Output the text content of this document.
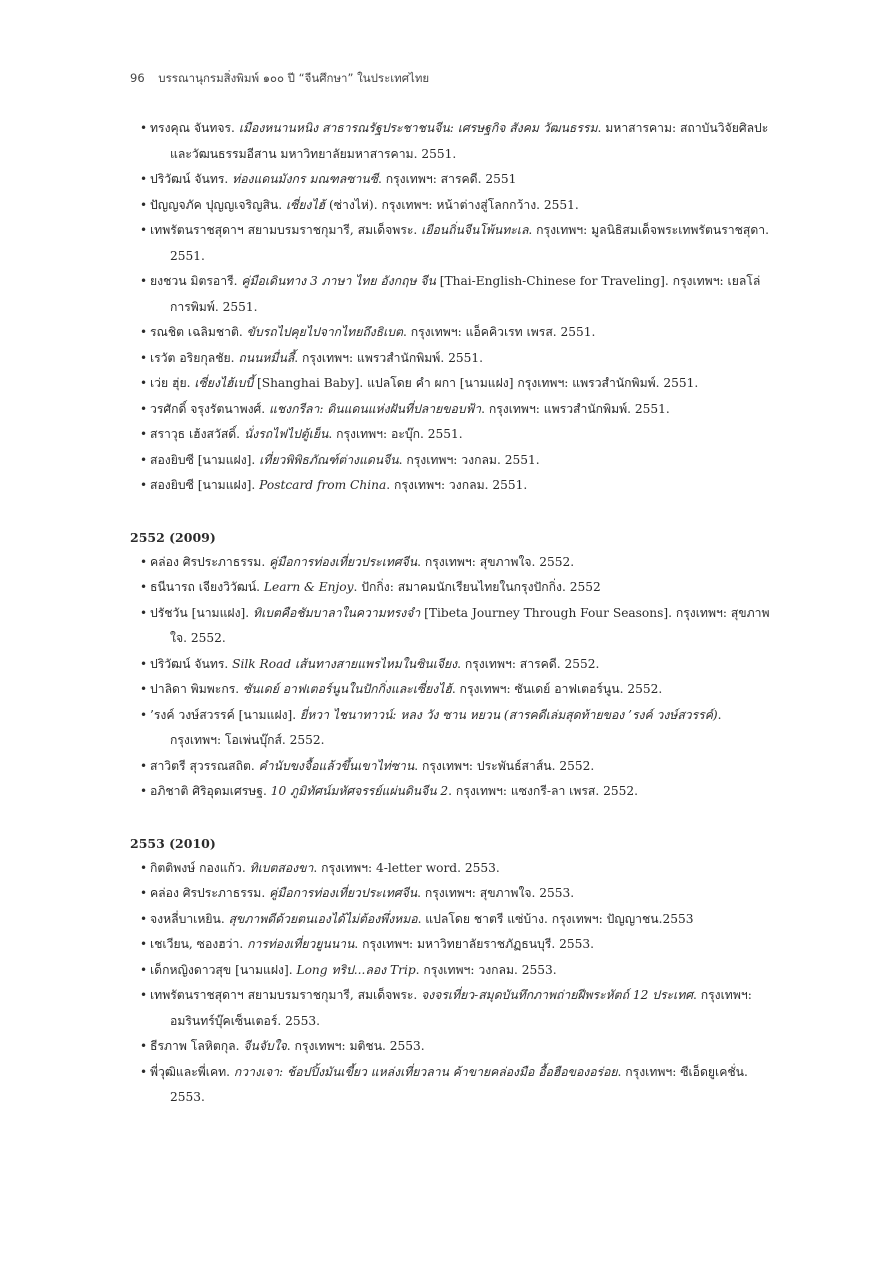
96 บรรณานุกรมสิ่งพิมพ์ ๑๐๐ ปี “จีนศึกษา” ในประเทศไทย
• ทรงคุณ จันทจร. เมืองหนานหนิง สาธารณรัฐประชาชนจีน: เศรษฐกิจ สังคม วัฒนธรรม. มหาสารคาม: สถาบันวิจัยศิลปะและวัฒนธรรมอีสาน มหาวิทยาลัยมหาสารคาม. 2551.
• ปริวัฒน์ จันทร. ท่องแดนมังกร มณฑลซานซี. กรุงเทพฯ: สารคดี. 2551
• ปัญญจภัค ปุญญเจริญสิน. เซี่ยงไฮ้ (ซ่างไห่). กรุงเทพฯ: หน้าต่างสู่โลกกว้าง. 2551.
• เทพรัตนราชสุดาฯ สยามบรมราชกุมารี, สมเด็จพระ. เยือนถิ่นจีนโพ้นทะเล. กรุงเทพฯ: มูลนิธิสมเด็จพระเทพรัตนราชสุดา. 2551.
• ยงชวน มิตรอารี. คู่มือเดินทาง 3 ภาษา ไทย อังกฤษ จีน [Thai-English-Chinese for Traveling]. กรุงเทพฯ: เยลโล่การพิมพ์. 2551.
• รณชิต เฉลิมชาติ. ขับรถไปคุยไปจากไทยถึงธิเบต. กรุงเทพฯ: แอ็คคิวเรท เพรส. 2551.
• เรวัต อริยกุลชัย. ถนนหมื่นลี้. กรุงเทพฯ: แพรวสำนักพิมพ์. 2551.
• เว่ย ฮุ่ย. เซี่ยงไฮ้เบบี้ [Shanghai Baby]. แปลโดย คำ ผกา [นามแฝง] กรุงเทพฯ: แพรวสำนักพิมพ์. 2551.
• วรศักดิ์ จรุงรัตนาพงศ์. แชงกรีลา: ดินแดนแห่งฝันที่ปลายขอบฟ้า. กรุงเทพฯ: แพรวสำนักพิมพ์. 2551.
• สราวุธ เฮ้งสวัสดิ์. นั่งรถไฟไปตู้เย็น. กรุงเทพฯ: อะบุ๊ก. 2551.
• สองยิบซี [นามแฝง]. เที่ยวพิพิธภัณฑ์ต่างแดนจีน. กรุงเทพฯ: วงกลม. 2551.
• สองยิบซี [นามแฝง]. Postcard from China. กรุงเทพฯ: วงกลม. 2551.
2552 (2009)
• คล่อง ศิรประภาธรรม. คู่มือการท่องเที่ยวประเทศจีน. กรุงเทพฯ: สุขภาพใจ. 2552.
• ธนีนารถ เจียงวิวัฒน์. Learn & Enjoy. ปักกิ่ง: สมาคมนักเรียนไทยในกรุงปักกิ่ง. 2552
• ปรัชวัน [นามแฝง]. ทิเบตคือชัมบาลาในความทรงจำ [Tibeta Journey Through Four Seasons]. กรุงเทพฯ: สุขภาพใจ. 2552.
• ปริวัฒน์ จันทร. Silk Road เส้นทางสายแพรไหมในซินเจียง. กรุงเทพฯ: สารคดี. 2552.
• ปาลิดา พิมพะกร. ซันเดย์ อาฟเตอร์นูนในปักกิ่งและเซี่ยงไฮ้. กรุงเทพฯ: ซันเดย์ อาฟเตอร์นูน. 2552.
• ’รงค์ วงษ์สวรรค์ [นามแฝง]. ยี่หวา ไชนาทาวน์: หลง วัง ซาน หยวน (สารคดีเล่มสุดท้ายของ ’รงค์ วงษ์สวรรค์). กรุงเทพฯ: โอเพ่นบุ๊กส์. 2552.
• สาวิตรี สุวรรณสถิต. คำนับขงจื้อแล้วขึ้นเขาไท่ซาน. กรุงเทพฯ: ประพันธ์สาส์น. 2552.
• อภิชาติ ศิริอุดมเศรษฐ. 10 ภูมิทัศน์มหัศจรรย์แผ่นดินจีน 2. กรุงเทพฯ: แซงกรี-ลา เพรส. 2552.
2553 (2010)
• กิตติพงษ์ กองแก้ว. ทิเบตสองขา. กรุงเทพฯ: 4-letter word. 2553.
• คล่อง ศิรประภาธรรม. คู่มือการท่องเที่ยวประเทศจีน. กรุงเทพฯ: สุขภาพใจ. 2553.
• จงหลี่บาเหยิน. สุขภาพดีด้วยตนเองได้ไม่ต้องพึ่งหมอ. แปลโดย ชาตรี แซ่บ้าง. กรุงเทพฯ: ปัญญาชน.2553
• เชเวียน, ซองฮว่า. การท่องเที่ยวยูนนาน. กรุงเทพฯ: มหาวิทยาลัยราชภัฏธนบุรี. 2553.
• เด็กหญิงดาวสุข [นามแฝง]. Long ทริป...ลอง Trip. กรุงเทพฯ: วงกลม. 2553.
• เทพรัตนราชสุดาฯ สยามบรมราชกุมารี, สมเด็จพระ. จงจรเที่ยว-สมุดบันทึกภาพถ่ายฝีพระหัตถ์ 12 ประเทศ. กรุงเทพฯ: อมรินทร์บุ๊คเซ็นเตอร์. 2553.
• ธีรภาพ โลหิตกุล. จีนจับใจ. กรุงเทพฯ: มติชน. 2553.
• พี่วุฒิและพี่เคท. กวางเจา: ช้อปปิ้งมันเขี้ยว แหล่งเที่ยวลาน ค้าขายคล่องมือ อื้อฮือของอร่อย. กรุงเทพฯ: ซีเอ็ดยูเคชั่น. 2553.
